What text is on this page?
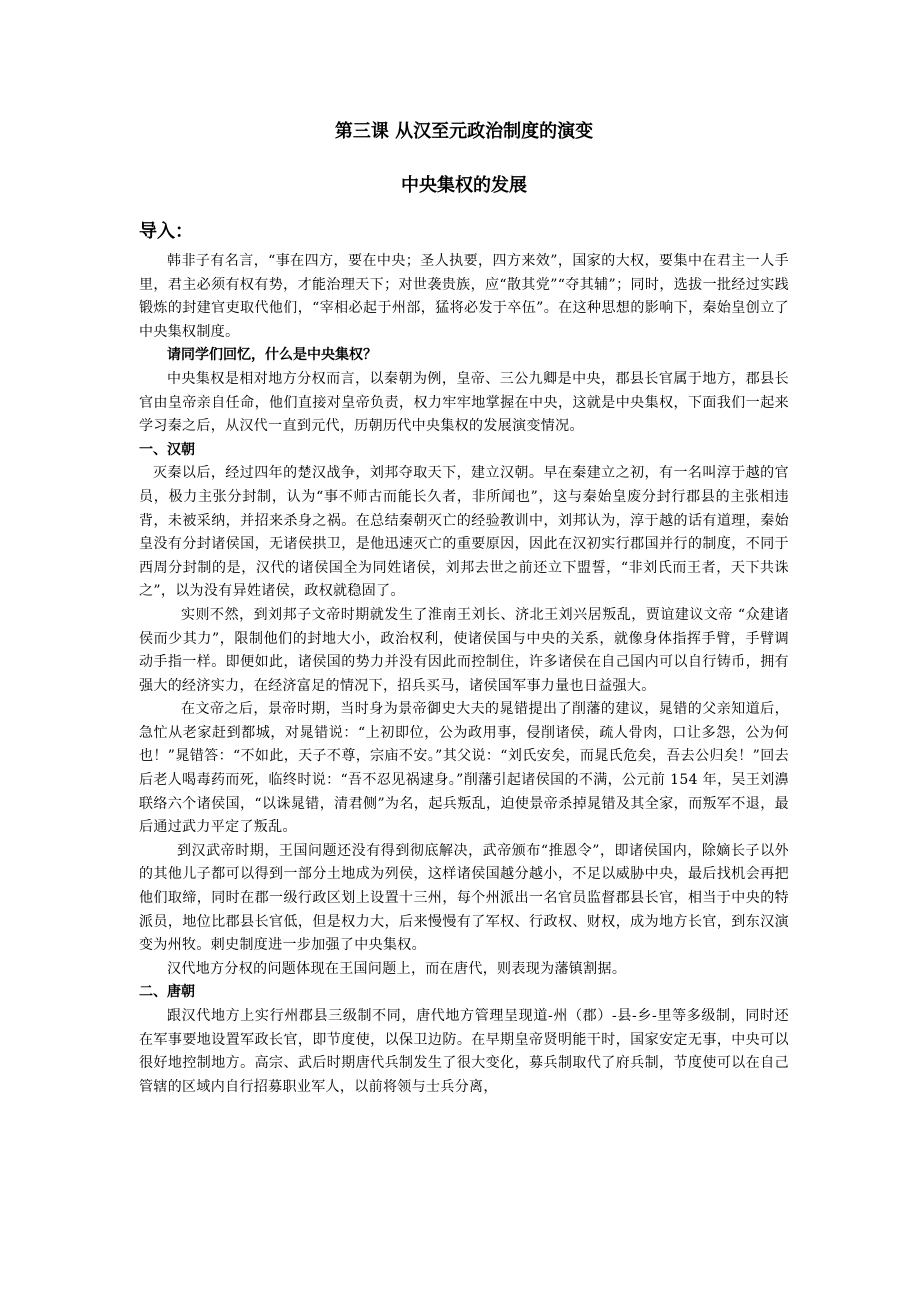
第三课 从汉至元政治制度的演变
中央集权的发展
导入：

韩非子有名言，“事在四方，要在中央；圣人执要，四方来效”，国家的大权，要集中在君主一人手里，君主必须有权有势，才能治理天下；对世袭贵族，应“散其党”“夺其辅”；同时，选拔一批经过实践锻炼的封建官吏取代他们，“宰相必起于州部，猛将必发于卒伍”。在这种思想的影响下，秦始皇创立了中央集权制度。

请同学们回忆，什么是中央集权？

中央集权是相对地方分权而言，以秦朝为例，皇帝、三公九卿是中央，郡县长官属于地方，郡县长官由皇帝亲自任命，他们直接对皇帝负责，权力牢牢地掌握在中央，这就是中央集权，下面我们一起来学习秦之后，从汉代一直到元代，历朝历代中央集权的发展演变情况。

一、汉朝

灭秦以后，经过四年的楚汉战争，刘邦夺取天下，建立汉朝。早在秦建立之初，有一名叫淳于越的官员，极力主张分封制，认为“事不师古而能长久者，非所闻也”，这与秦始皇废分封行郡县的主张相违背，未被采纳，并招来杀身之祸。在总结秦朝灭亡的经验教训中，刘邦认为，淳于越的话有道理，秦始皇没有分封诸侯国，无诸侯拱卫，是他迅速灭亡的重要原因，因此在汉初实行郡国并行的制度，不同于西周分封制的是，汉代的诸侯国全为同姓诸侯，刘邦去世之前还立下盟誓，“非刘氏而王者，天下共诛之”，以为没有异姓诸侯，政权就稳固了。

实则不然，到刘邦子文帝时期就发生了淮南王刘长、济北王刘兴居叛乱，贾谊建议文帝 “众建诸侯而少其力”，限制他们的封地大小，政治权利，使诸侯国与中央的关系，就像身体指挥手臂，手臂调动手指一样。即便如此，诸侯国的势力并没有因此而控制住，许多诸侯在自己国内可以自行铸币，拥有强大的经济实力，在经济富足的情况下，招兵买马，诸侯国军事力量也日益强大。

在文帝之后，景帝时期，当时身为景帝御史大夫的晁错提出了削藩的建议，晁错的父亲知道后，急忙从老家赶到都城，对晁错说：“上初即位，公为政用事，侵削诸侯，疏人骨肉，口让多怨，公为何也！”晁错答：“不如此，天子不尊，宗庙不安。”其父说：“刘氏安矣，而晁氏危矣，吾去公归矣！”回去后老人喝毒药而死，临终时说：“吾不忍见祸逮身。”削藩引起诸侯国的不满，公元前 154 年，吴王刘濞联络六个诸侯国，“以诛晁错，清君侧”为名，起兵叛乱，迫使景帝杀掉晁错及其全家，而叛军不退，最后通过武力平定了叛乱。

到汉武帝时期，王国问题还没有得到彻底解决，武帝颁布“推恩令”，即诸侯国内，除嫡长子以外的其他儿子都可以得到一部分土地成为列侯，这样诸侯国越分越小，不足以威胁中央，最后找机会再把他们取缔，同时在郡一级行政区划上设置十三州，每个州派出一名官员监督郡县长官，相当于中央的特派员，地位比郡县长官低，但是权力大，后来慢慢有了军权、行政权、财权，成为地方长官，到东汉演变为州牧。刺史制度进一步加强了中央集权。

汉代地方分权的问题体现在王国问题上，而在唐代，则表现为藩镇割据。

二、唐朝

跟汉代地方上实行州郡县三级制不同，唐代地方管理呈现道-州（郡）-县-乡-里等多级制，同时还在军事要地设置军政长官，即节度使，以保卫边防。在早期皇帝贤明能干时，国家安定无事，中央可以很好地控制地方。高宗、武后时期唐代兵制发生了很大变化，募兵制取代了府兵制，节度使可以在自己管辖的区域内自行招募职业军人，以前将领与士兵分离，
